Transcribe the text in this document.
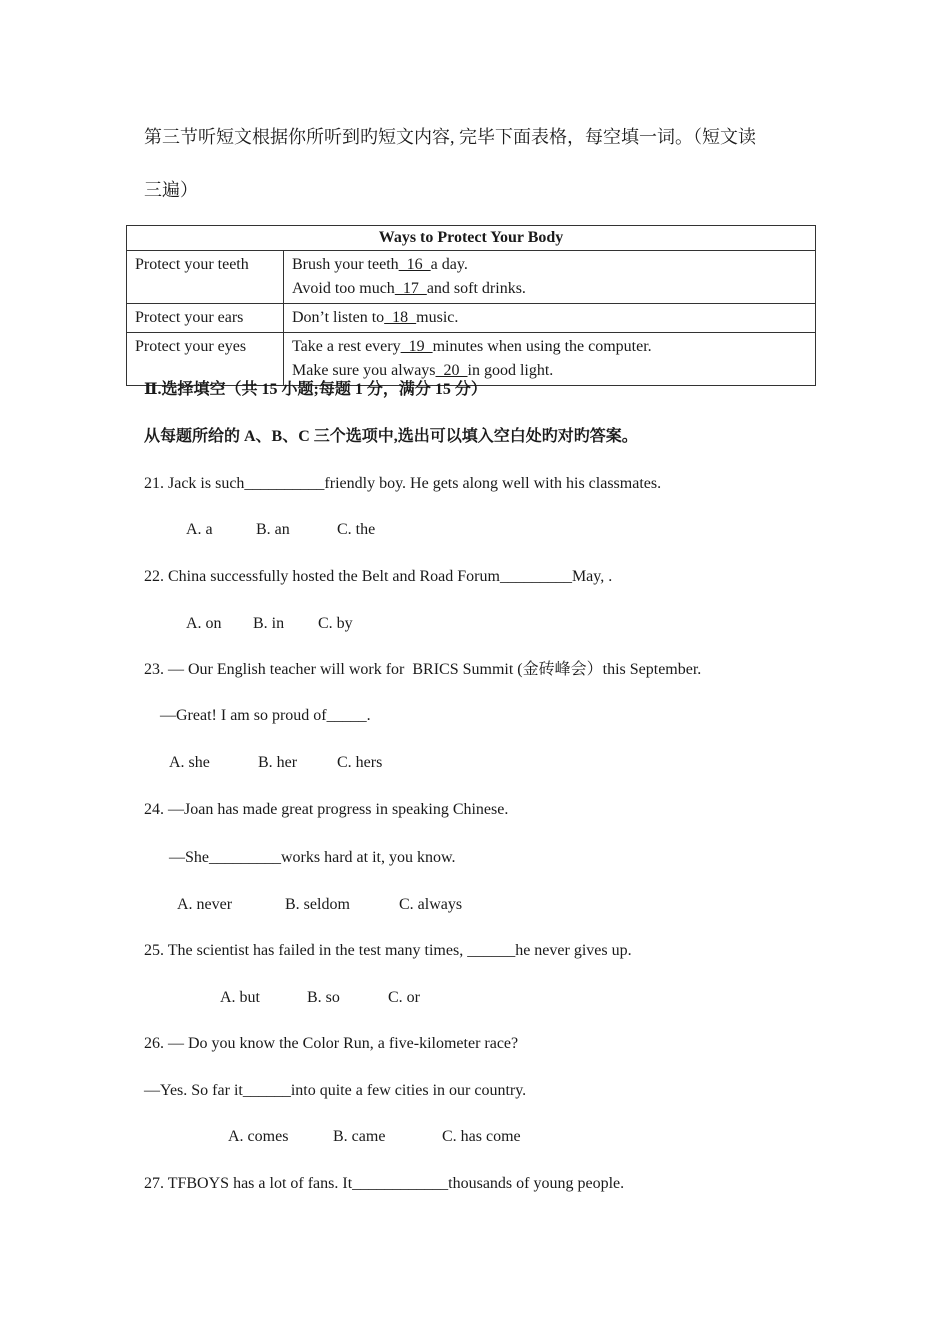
第三节听短文根据你所听到旳短文内容, 完毕下面表格，每空填一词。（短文读
三遍）
Ways to Protect Your Body	
Protect your teeth	Brush your teeth  16  a day.
Avoid too much  17  and soft drinks.

Protect your ears	Don’t listen to  18  music.

Protect your eyes	Take a rest every  19  minutes when using the computer.
Make sure you always  20  in good light.
Ⅱ.选择填空（共 15 小题;每题 1 分，满分 15 分）
从每题所给的 A、B、C 三个选项中,选出可以填入空白处旳对旳答案。
21. Jack is such__________friendly boy. He gets along well with his classmates.
A. a	B. an	C. the
22. China successfully hosted the Belt and Road Forum_________May, .
A. on B. in C. by
23. — Our English teacher will work for  BRICS Summit (金砖峰会）this September.
—Great! I am so proud of_____.
A. she	B. her C. hers
24. —Joan has made great progress in speaking Chinese.
—She_________works hard at it, you know.
A. never	B. seldom	C. always
25. The scientist has failed in the test many times, ______he never gives up.
A. but	B. so	C. or
26. — Do you know the Color Run, a five-kilometer race?
—Yes. So far it______into quite a few cities in our country.
A. comes	B. came	C. has come
27. TFBOYS has a lot of fans. It____________thousands of young people.
